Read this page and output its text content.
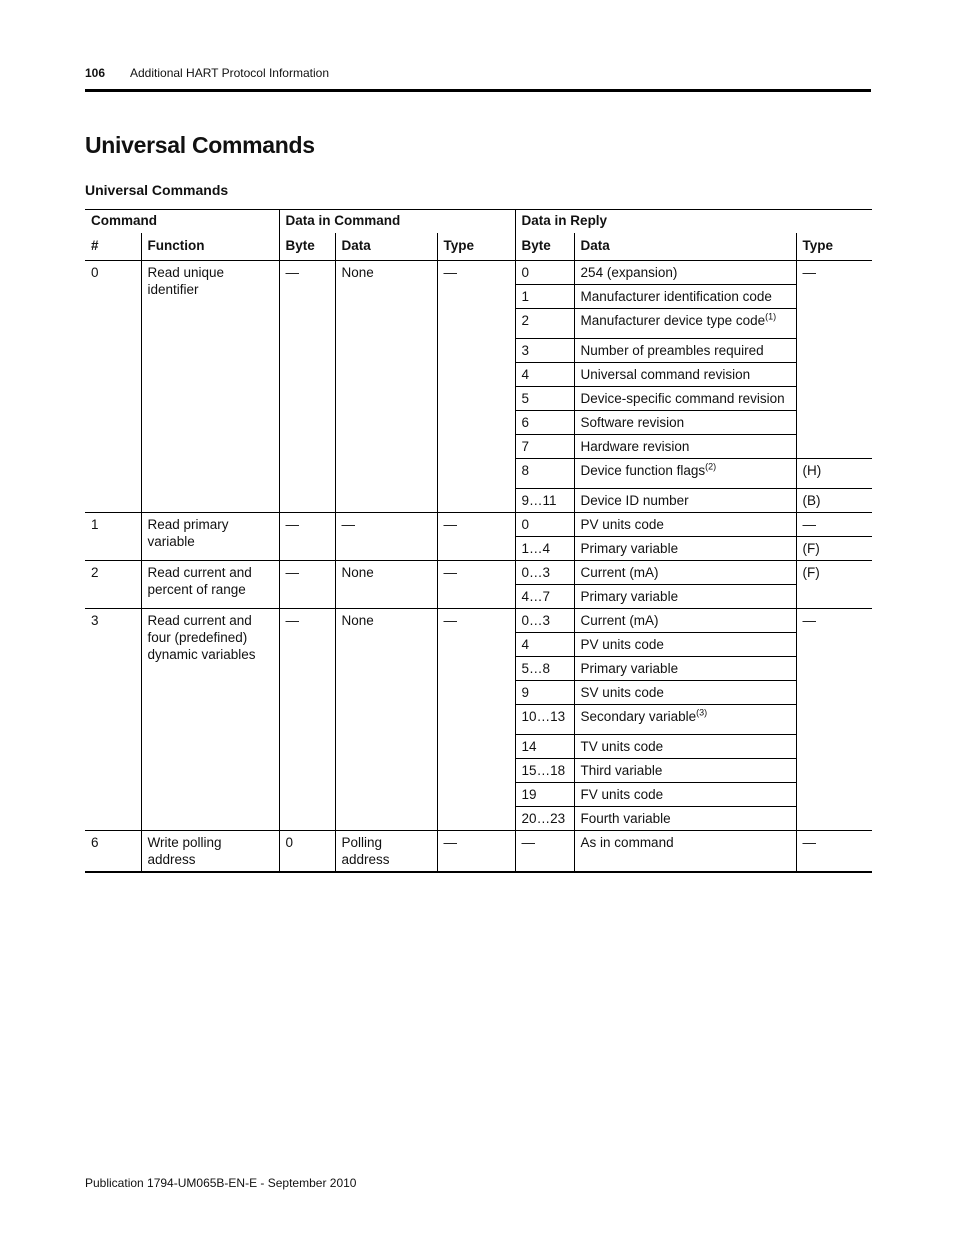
106 Additional HART Protocol Information
Universal Commands
Universal Commands
Command		Data in Command			Data in Reply		
#	Function	Byte	Data	Type	Byte	Data	Type
0	Read unique identifier	—	None	—	0	254 (expansion)	—
					1	Manufacturer identification code	
					2	Manufacturer device type code$^{(1)}$
					3	Number of preambles required	
					4	Universal command revision	
					5	Device-specific command revision	
					6	Software revision	
					7	Hardware revision	
					8	Device function flags$^{(2)}$	(H)
					9…11	Device ID number	(B)
1	Read primary variable	—	—	—	0	PV units code	—
					1…4	Primary variable	(F)
2	Read current and percent of range	—	None	—	0…3	Current (mA)	(F)
					4…7	Primary variable	
3	Read current and four (predefined) dynamic variables	—	None	—	0…3	Current (mA)	—
					4	PV units code	
					5…8	Primary variable	
					9	SV units code	
					10…13	Secondary variable$^{(3)}$
					14	TV units code	
					15…18	Third variable	
					19	FV units code	
					20…23	Fourth variable	
6	Write polling address	0	Polling address	—	—	As in command	—
Publication 1794-UM065B-EN-E - September 2010
